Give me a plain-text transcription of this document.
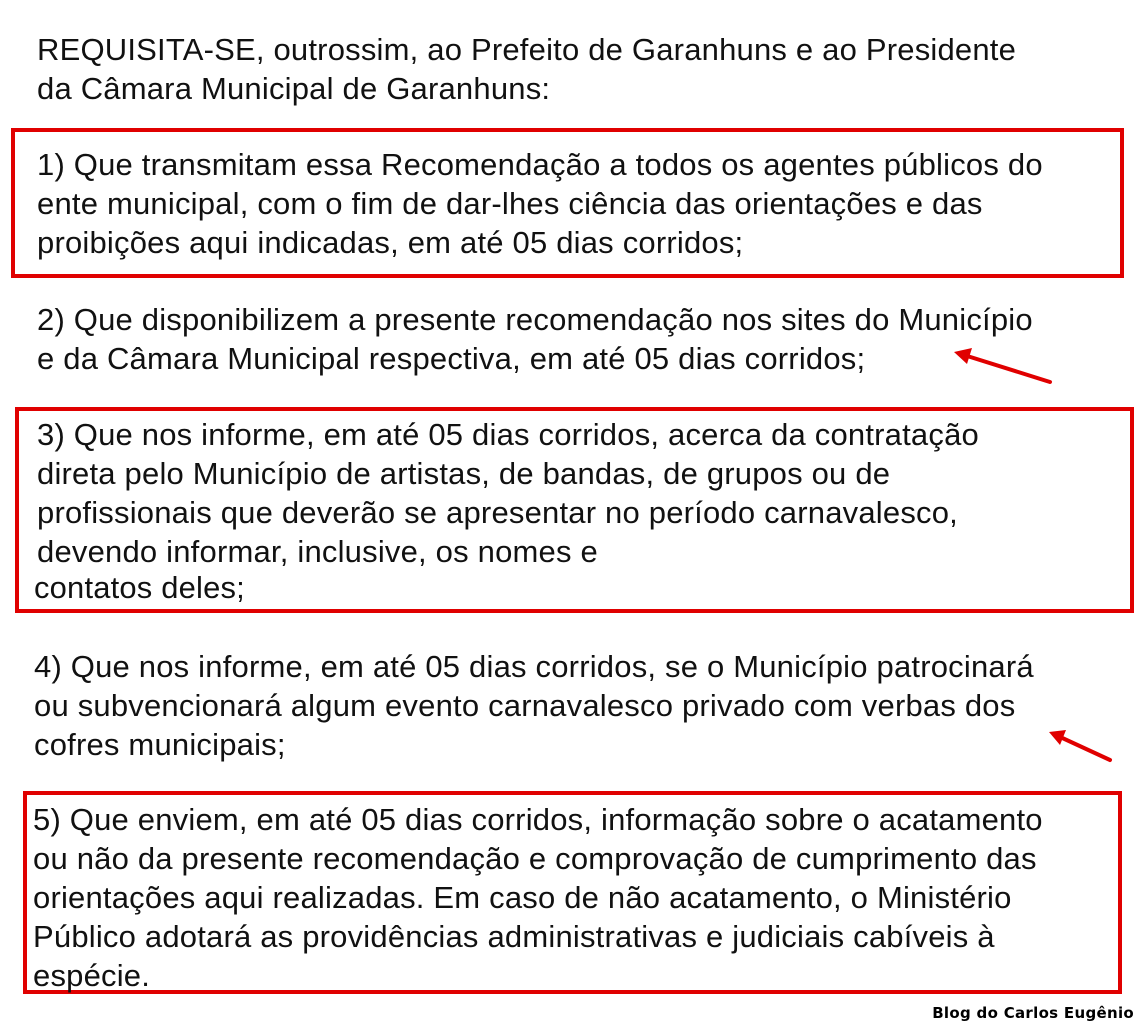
REQUISITA-SE, outrossim, ao Prefeito de Garanhuns e ao Presidente
da Câmara Municipal de Garanhuns:
1) Que transmitam essa Recomendação a todos os agentes públicos do
ente municipal, com o fim de dar-lhes ciência das orientações e das
proibições aqui indicadas, em até 05 dias corridos;
2) Que disponibilizem a presente recomendação nos sites do Município
e da Câmara Municipal respectiva, em até 05 dias corridos;
3) Que nos informe, em até 05 dias corridos, acerca da contratação
direta pelo Município de artistas, de bandas, de grupos ou de
profissionais que deverão se apresentar no período carnavalesco,
devendo informar, inclusive, os nomes e
contatos deles;
4) Que nos informe, em até 05 dias corridos, se o Município patrocinará
ou subvencionará algum evento carnavalesco privado com verbas dos
cofres municipais;
5) Que enviem, em até 05 dias corridos, informação sobre o acatamento
ou não da presente recomendação e comprovação de cumprimento das
orientações aqui realizadas. Em caso de não acatamento, o Ministério
Público adotará as providências administrativas e judiciais cabíveis à
espécie.
Blog do Carlos Eugênio
